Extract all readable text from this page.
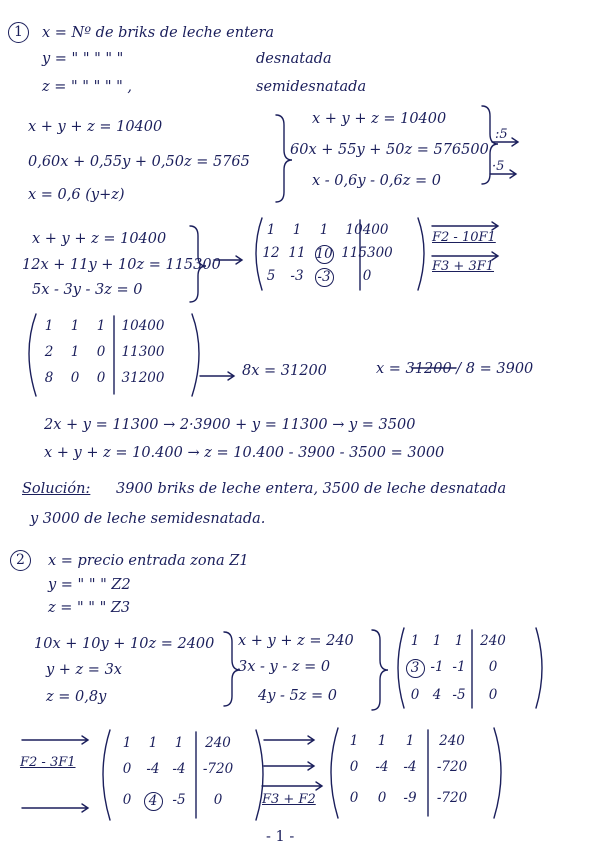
1	x = Nº de briks de leche entera
y = " " " " "	desnatada
z = " " " " " ,	semidesnatada
x + y + z = 10400
0,60x + 0,55y + 0,50z = 5765
x = 0,6 (y+z)
x + y + z = 10400
60x + 55y + 50z = 576500
x - 0,6y - 0,6z = 0
:5
·5
x + y + z = 10400
12x + 11y + 10z = 115300
5x - 3y - 3z = 0
1	1	1	10400
12 11 10 115300
5	-3	-3	0
F2 - 10F1
F3 + 3F1
1	1	1	10400
2	1	0	11300
8	0	0	31200	8x = 31200	x = 31200 / 8 = 3900
2x + y = 11300 → 2·3900 + y = 11300 → y = 3500
x + y + z = 10.400 → z = 10.400 - 3900 - 3500 = 3000
Solución: 3900 briks de leche entera, 3500 de leche desnatada
y 3000 de leche semidesnatada.
2	x = precio entrada zona Z1
y = " " " Z2
z = " " " Z3
10x + 10y + 10z = 2400
y + z = 3x
z = 0,8y
x + y + z = 240
3x - y - z = 0
4y - 5z = 0
1 1 1	240
3 -1 -1	0
0 4 -5	0
F2 - 3F1
1	1	1	240
0	-4 -4	-720
0	4	-5	0	F3 + F2
1	1	1	240
0	-4	-4	-720
0	0	-9	-720
- 1 -
